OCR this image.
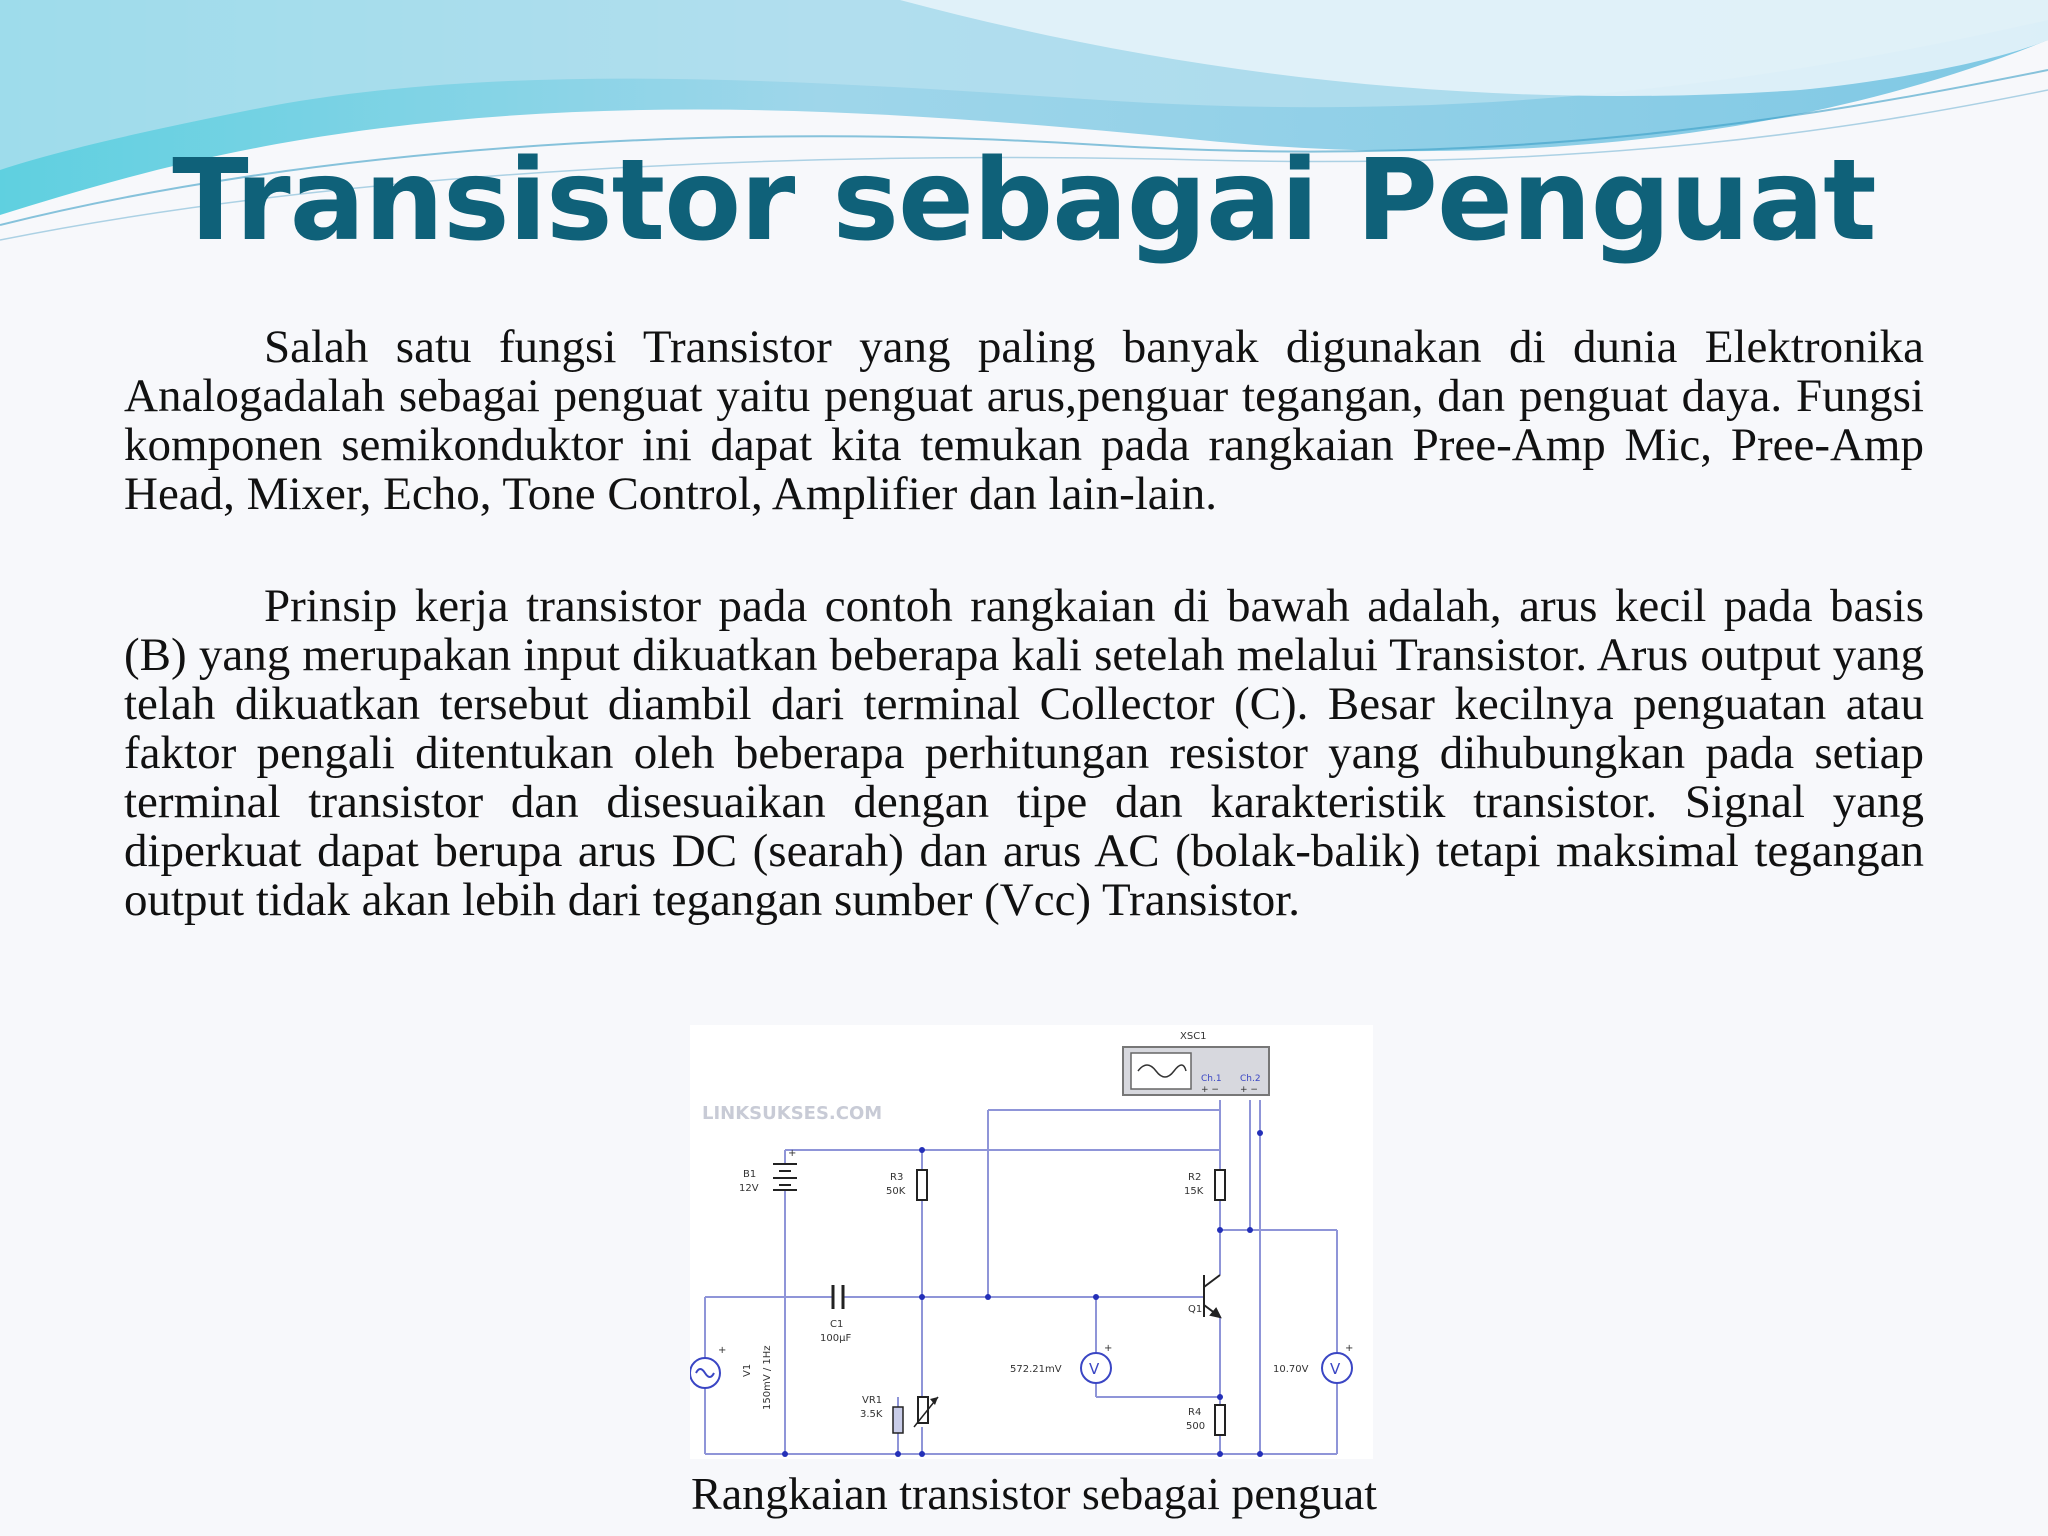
Transistor sebagai Penguat

Salah satu fungsi Transistor yang paling banyak digunakan di dunia Elektronika Analogadalah sebagai penguat yaitu penguat arus,penguar tegangan, dan penguat daya. Fungsi komponen semikonduktor ini dapat kita temukan pada rangkaian Pree-Amp Mic, Pree-Amp Head, Mixer, Echo, Tone Control, Amplifier dan lain-lain.

Prinsip kerja transistor pada contoh rangkaian di bawah adalah, arus kecil pada basis (B) yang merupakan input dikuatkan beberapa kali setelah melalui Transistor. Arus output yang telah dikuatkan tersebut diambil dari terminal Collector (C). Besar kecilnya penguatan atau faktor pengali ditentukan oleh beberapa perhitungan resistor yang dihubungkan pada setiap terminal transistor dan disesuaikan dengan tipe dan karakteristik transistor. Signal yang diperkuat dapat berupa arus DC (searah) dan arus AC (bolak-balik) tetapi maksimal tegangan output tidak akan lebih dari tegangan sumber (Vcc) Transistor.

LINKSUKSES.COM
Q1
B1
12V
+
R3
50K
R2
15K
R4
500
C1
100µF
VR1
3.5K
+
V1 150mV / 1Hz	V
+
572.21mV	V
+
10.70V
XSC1
Ch.1 Ch.2
+ − + −

Rangkaian transistor sebagai penguat
